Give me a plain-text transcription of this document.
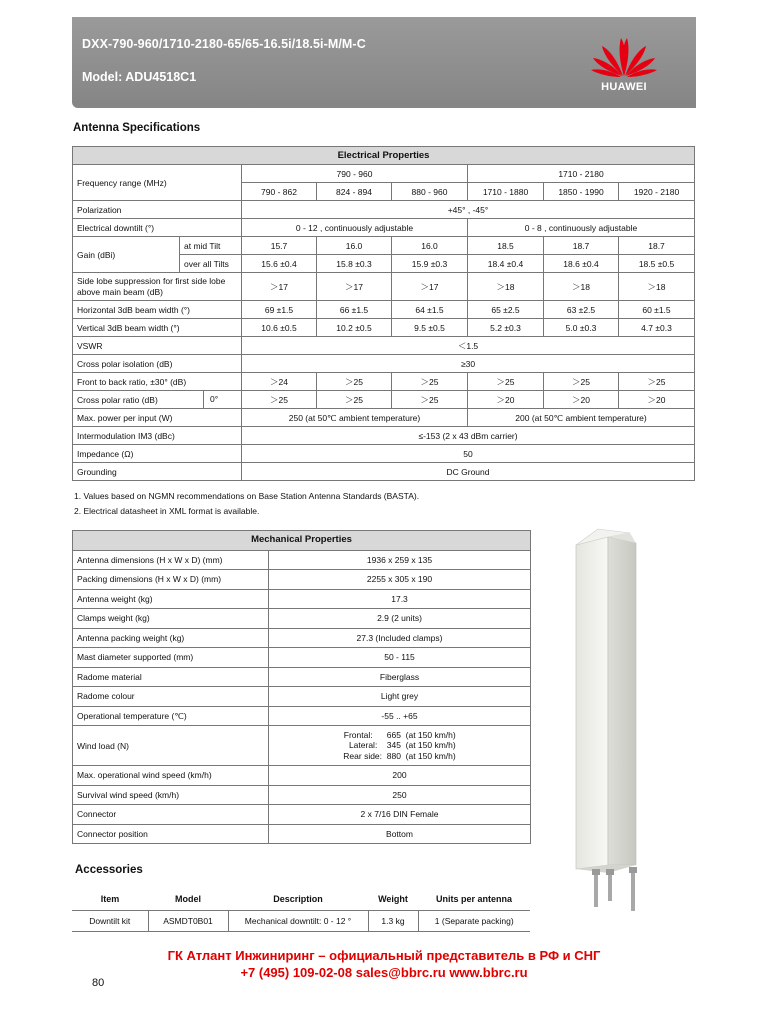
DXX-790-960/1710-2180-65/65-16.5i/18.5i-M/M-C
Model: ADU4518C1
HUAWEI
Antenna Specifications
Electrical Properties							
Frequency range (MHz)		790 - 960			1710 - 2180		
		790 - 862	824 - 894	880 - 960	1710 - 1880	1850 - 1990	1920 - 2180
Polarization		+45° , -45°					
Electrical downtilt (°)		0 - 12 , continuously adjustable			0 - 8 , continuously adjustable		
Gain (dBi)	at mid Tilt	15.7	16.0	16.0	18.5	18.7	18.7
	over all Tilts	15.6 ±0.4	15.8 ±0.3	15.9 ±0.3	18.4 ±0.4	18.6 ±0.4	18.5 ±0.5
Side lobe suppression for first side lobe above main beam (dB)		＞17	＞17	＞17	＞18	＞18	＞18
Horizontal 3dB beam width (°)		69 ±1.5	66 ±1.5	64 ±1.5	65 ±2.5	63 ±2.5	60 ±1.5
Vertical 3dB beam width (°)		10.6 ±0.5	10.2 ±0.5	9.5 ±0.5	5.2 ±0.3	5.0 ±0.3	4.7 ±0.3
VSWR		＜1.5					
Cross polar isolation (dB)		≥30					
Front to back ratio, ±30° (dB)		＞24	＞25	＞25	＞25	＞25	＞25
Cross polar ratio (dB) 0°		＞25	＞25	＞25	＞20	＞20	＞20
Max. power per input (W)		250 (at 50℃ ambient temperature)			200 (at 50℃ ambient temperature)		
Intermodulation IM3 (dBc)		≤-153 (2 x 43 dBm carrier)					
Impedance (Ω)		50					
Grounding		DC Ground					
1. Values based on NGMN recommendations on Base Station Antenna Standards (BASTA).
2. Electrical datasheet in XML format is available.
Mechanical Properties	
Antenna dimensions (H x W x D) (mm)	1936 x 259 x 135
Packing dimensions (H x W x D) (mm)	2255 x 305 x 190
Antenna weight (kg)	17.3
Clamps weight (kg)	2.9 (2 units)
Antenna packing weight (kg)	27.3 (Included clamps)
Mast diameter supported (mm)	50 - 115
Radome material	Fiberglass
Radome colour	Light grey
Operational temperature (℃)	-55 .. +65
Wind load (N)	Frontal:      665  (at 150 km/h)
Lateral:    345  (at 150 km/h)
Rear side:  880  (at 150 km/h)

Max. operational wind speed (km/h)	200
Survival wind speed (km/h)	250
Connector	2 x 7/16 DIN Female
Connector position	Bottom
Accessories
Item	Model	Description	Weight	Units per antenna
Downtilt kit	ASMDT0B01	Mechanical downtilt: 0 - 12 °	1.3 kg	1 (Separate packing)
ГК Атлант Инжиниринг – официальный представитель в РФ и СНГ
+7 (495) 109-02-08 sales@bbrc.ru www.bbrc.ru
80
